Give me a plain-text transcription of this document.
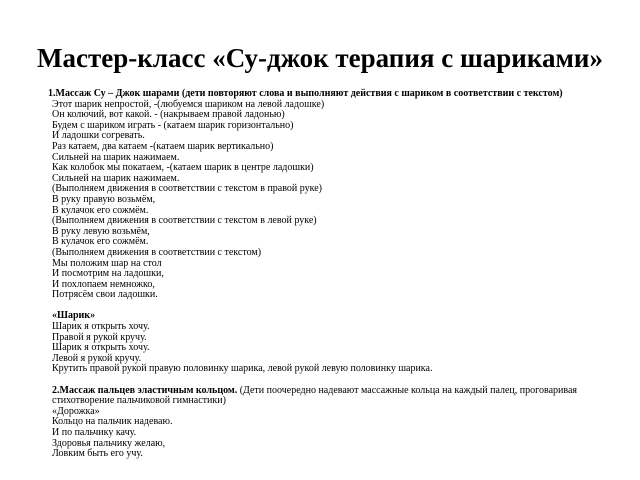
Мастер-класс «Су-джок терапия с шариками»
1.Массаж Су – Джок шарами (дети повторяют слова и выполняют действия с шариком в соответствии с текстом)
Этот шарик непростой, -(любуемся шариком на левой ладошке)
Он колючий, вот какой. - (накрываем правой ладонью)
Будем с шариком играть - (катаем шарик горизонтально)
И ладошки согревать.
Раз катаем, два катаем -(катаем шарик вертикально)
Сильней на шарик нажимаем.
Как колобок мы покатаем, -(катаем шарик в центре ладошки)
Сильней на шарик нажимаем.
(Выполняем движения в соответствии с текстом в правой руке)
В руку правую возьмём,
В кулачок его сожмём.
(Выполняем движения в соответствии с текстом в левой руке)
В руку левую возьмём,
В кулачок его сожмём.
(Выполняем движения в соответствии с текстом)
Мы положим шар на стол
И посмотрим на ладошки,
И похлопаем немножко,
Потрясём свои ладошки.
«Шарик»
Шарик я открыть хочу.
Правой я рукой кручу.
Шарик я открыть хочу.
Левой я рукой кручу.
Крутить правой рукой правую половинку шарика, левой рукой левую половинку шарика.
2.Массаж пальцев эластичным кольцом. (Дети поочередно надевают массажные кольца на каждый палец, проговаривая стихотворение пальчиковой гимнастики)
«Дорожка»
Кольцо на пальчик надеваю.
И по пальчику качу.
Здоровья пальчику желаю,
Ловким быть его учу.
